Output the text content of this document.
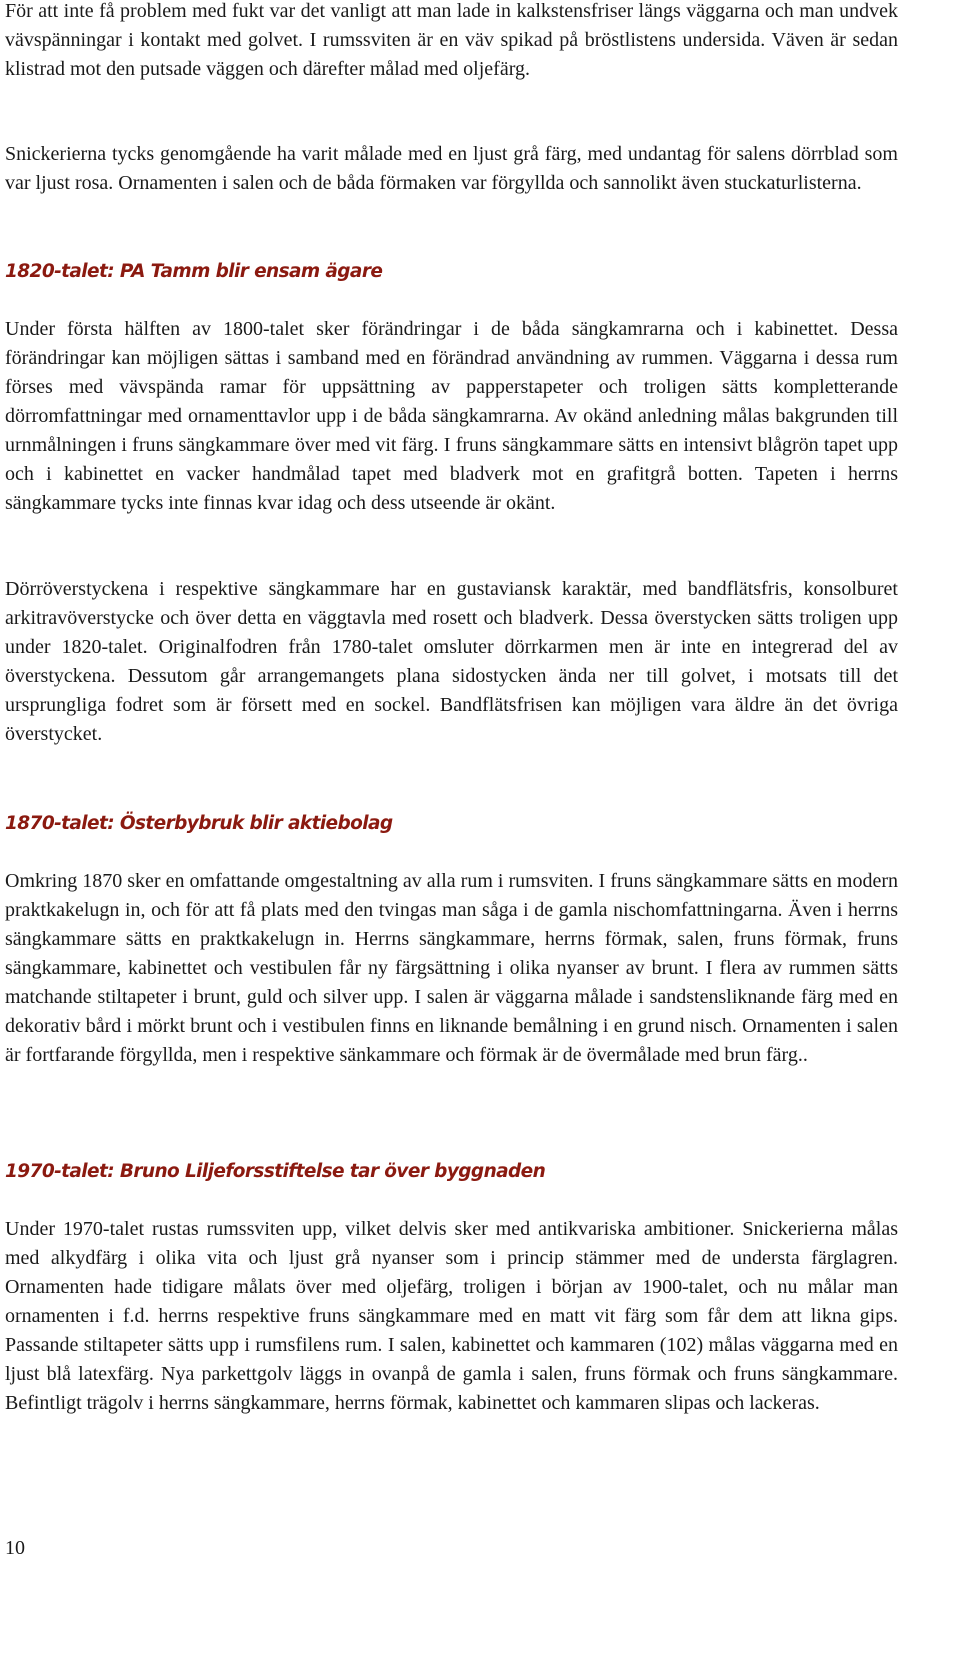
För att inte få problem med fukt var det vanligt att man lade in kalkstensfriser längs väggarna och man undvek vävspänningar i kontakt med golvet. I rumssviten är en väv spikad på bröstlistens undersida. Väven är sedan klistrad mot den putsade väggen och därefter målad med oljefärg.

Snickerierna tycks genomgående ha varit målade med en ljust grå färg, med undantag för salens dörrblad som var ljust rosa. Ornamenten i salen och de båda förmaken var förgyllda och sannolikt även stuckaturlisterna.

1820-talet: PA Tamm blir ensam ägare

Under första hälften av 1800-talet sker förändringar i de båda sängkamrarna och i kabinettet. Dessa förändringar kan möjligen sättas i samband med en förändrad användning av rummen. Väggarna i dessa rum förses med vävspända ramar för uppsättning av papperstapeter och troligen sätts kompletterande dörromfattningar med ornamenttavlor upp i de båda sängkamrarna. Av okänd anledning målas bakgrunden till urnmålningen i fruns sängkammare över med vit färg. I fruns sängkammare sätts en intensivt blågrön tapet upp och i kabinettet en vacker handmålad tapet med bladverk mot en grafitgrå botten. Tapeten i herrns sängkammare tycks inte finnas kvar idag och dess utseende är okänt.

Dörröverstyckena i respektive sängkammare har en gustaviansk karaktär, med bandflätsfris, konsolburet arkitravöverstycke och över detta en väggtavla med rosett och bladverk. Dessa överstycken sätts troligen upp under 1820-talet. Originalfodren från 1780-talet omsluter dörrkarmen men är inte en integrerad del av överstyckena. Dessutom går arrangemangets plana sidostycken ända ner till golvet, i motsats till det ursprungliga fodret som är försett med en sockel. Bandflätsfrisen kan möjligen vara äldre än det övriga överstycket.

1870-talet: Österbybruk blir aktiebolag

Omkring 1870 sker en omfattande omgestaltning av alla rum i rumsviten. I fruns sängkammare sätts en modern praktkakelugn in, och för att få plats med den tvingas man såga i de gamla nischomfattningarna. Även i herrns sängkammare sätts en praktkakelugn in. Herrns sängkammare, herrns förmak, salen, fruns förmak, fruns sängkammare, kabinettet och vestibulen får ny färgsättning i olika nyanser av brunt. I flera av rummen sätts matchande stiltapeter i brunt, guld och silver upp. I salen är väggarna målade i sandstensliknande färg med en dekorativ bård i mörkt brunt och i vestibulen finns en liknande bemålning i en grund nisch. Ornamenten i salen är fortfarande förgyllda, men i respektive sänkammare och förmak är de övermålade med brun färg..

1970-talet: Bruno Liljeforsstiftelse tar över byggnaden

Under 1970-talet rustas rumssviten upp, vilket delvis sker med antikvariska ambitioner. Snickerierna målas med alkydfärg i olika vita och ljust grå nyanser som i princip stämmer med de understa färglagren. Ornamenten hade tidigare målats över med oljefärg, troligen i början av 1900-talet, och nu målar man ornamenten i f.d. herrns respektive fruns sängkammare med en matt vit färg som får dem att likna gips. Passande stiltapeter sätts upp i rumsfilens rum. I salen, kabinettet och kammaren (102) målas väggarna med en ljust blå latexfärg. Nya parkettgolv läggs in ovanpå de gamla i salen, fruns förmak och fruns sängkammare. Befintligt trägolv i herrns sängkammare, herrns förmak, kabinettet och kammaren slipas och lackeras.

10
